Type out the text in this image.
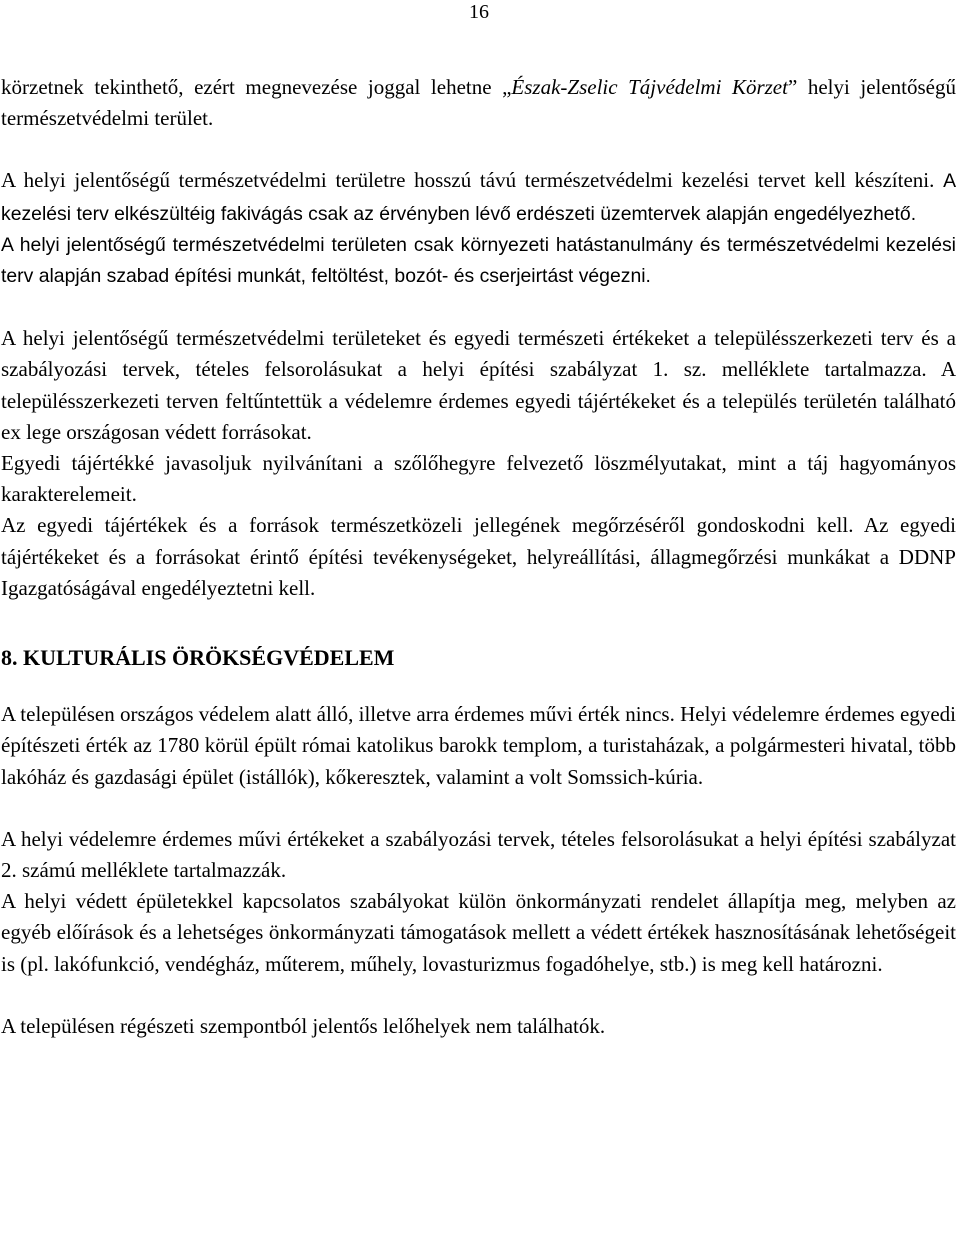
16

körzetnek tekinthető, ezért megnevezése joggal lehetne „Észak-Zselic Tájvédelmi Körzet” helyi jelentőségű természetvédelmi terület.

A helyi jelentőségű természetvédelmi területre hosszú távú természetvédelmi kezelési tervet kell készíteni. A kezelési terv elkészültéig fakivágás csak az érvényben lévő erdészeti üzemtervek alapján engedélyezhető.

A helyi jelentőségű természetvédelmi területen csak környezeti hatástanulmány és természetvédelmi kezelési terv alapján szabad építési munkát, feltöltést, bozót- és cserjeirtást végezni.

A helyi jelentőségű természetvédelmi területeket és egyedi természeti értékeket a településszerkezeti terv és a szabályozási tervek, tételes felsorolásukat a helyi építési szabályzat 1. sz. melléklete tartalmazza. A településszerkezeti terven feltűntettük a védelemre érdemes egyedi tájértékeket és a település területén található ex lege országosan védett forrásokat.

Egyedi tájértékké javasoljuk nyilvánítani a szőlőhegyre felvezető löszmélyutakat, mint a táj hagyományos karakterelemeit.

Az egyedi tájértékek és a források természetközeli jellegének megőrzéséről gondoskodni kell. Az egyedi tájértékeket és a forrásokat érintő építési tevékenységeket, helyreállítási, állagmegőrzési munkákat a DDNP Igazgatóságával engedélyeztetni kell.

8. KULTURÁLIS ÖRÖKSÉGVÉDELEM

A településen országos védelem alatt álló, illetve arra érdemes művi érték nincs. Helyi védelemre érdemes egyedi építészeti érték az 1780 körül épült római katolikus barokk templom, a turistaházak, a polgármesteri hivatal, több lakóház és gazdasági épület (istállók), kőkeresztek, valamint a volt Somssich-kúria.

A helyi védelemre érdemes művi értékeket a szabályozási tervek, tételes felsorolásukat a helyi építési szabályzat 2. számú melléklete tartalmazzák.

A helyi védett épületekkel kapcsolatos szabályokat külön önkormányzati rendelet állapítja meg, melyben az egyéb előírások és a lehetséges önkormányzati támogatások mellett a védett értékek hasznosításának lehetőségeit is (pl. lakófunkció, vendégház, műterem, műhely, lovasturizmus fogadóhelye, stb.) is meg kell határozni.

A településen régészeti szempontból jelentős lelőhelyek nem találhatók.
